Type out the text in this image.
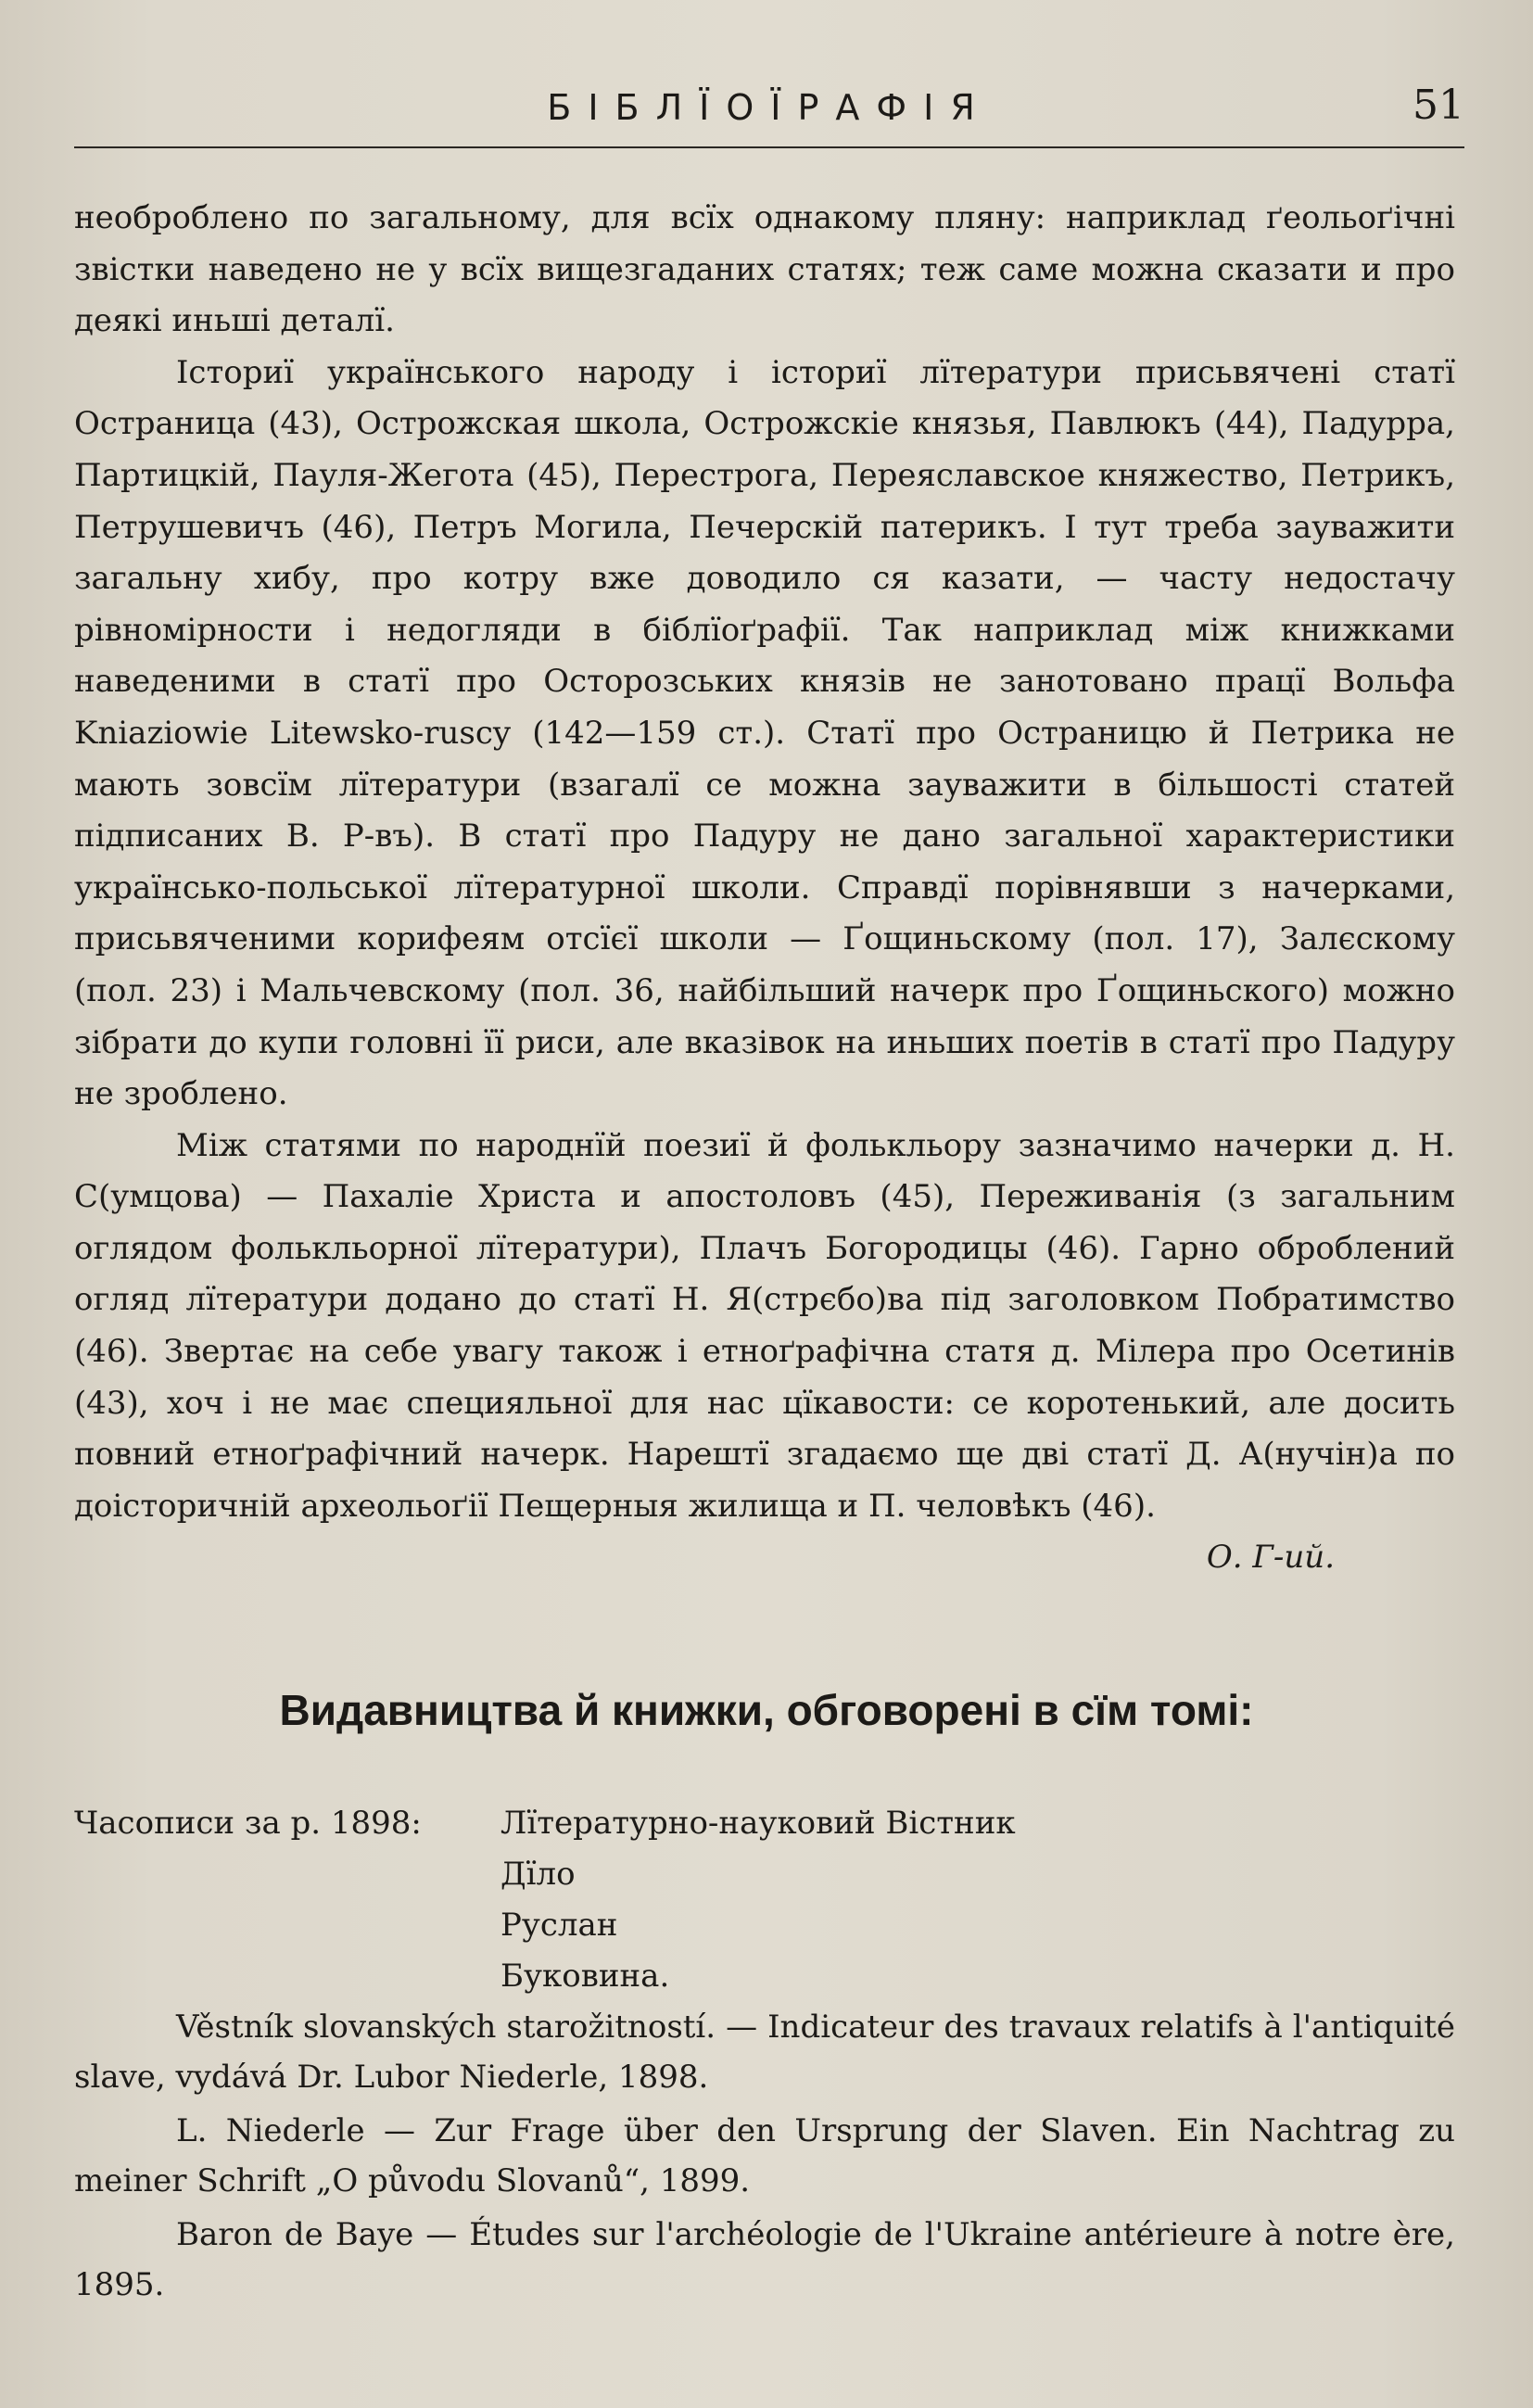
БІБЛЇОЇРАФІЯ	51

необроблено по загальному, для всїх однакому пляну: наприклад ґеольоґічні звістки наведено не у всїх вищезгаданих статях; теж саме можна сказати и про деякі иньші деталї.

Істориї українського народу і істориї лїтератури присьвячені статї Остраница (43), Острожская школа, Острожскіе князья, Павлюкъ (44), Падурра, Партицкій, Пауля-Жегота (45), Перестрога, Переяславское княжество, Петрикъ, Петрушевичъ (46), Петръ Могила, Печерскій патерикъ. І тут треба зауважити загальну хибу, про котру вже доводило ся казати, — часту недостачу рівномірности і недогляди в біблїоґрафії. Так наприклад між книжками наведеними в статї про Осторозських князів не занотовано працї Вольфа Kniaziowie Litewsko-ruscy (142—159 ст.). Статї про Остраницю й Петрика не мають зовсїм лїтератури (взагалї се можна зауважити в більшості статей підписаних В. Р-въ). В статї про Падуру не дано загальної характеристики українсько-польської лїтературної школи. Справдї порівнявши з начерками, присьвяченими корифеям отсїєї школи — Ґощиньскому (пол. 17), Залєскому (пол. 23) і Мальчевскому (пол. 36, найбільший начерк про Ґощиньского) можно зібрати до купи головні її риси, але вказівок на иньших поетів в статї про Падуру не зроблено.

Між статями по народнїй поезиї й фолькльору зазначимо начерки д. Н. С(умцова) — Пахаліе Христа и апостоловъ (45), Переживанія (з загальним оглядом фолькльорної лїтератури), Плачъ Богородицы (46). Гарно оброблений огляд лїтератури додано до статї Н. Я(стрєбо)ва під заголовком Побратимство (46). Звертає на себе увагу також і етноґрафічна статя д. Мілера про Осетинів (43), хоч і не має специяльної для нас цїкавости: се коротенький, але досить повний етноґрафічний начерк. Нарештї згадаємо ще дві статї Д. А(нучін)а по доісторичній археольоґії Пещерныя жилища и П. человѣкъ (46).
О. Г-ий.

Видавництва й книжки, обговорені в сїм томі:
Часописи за р. 1898:	Лїтературно-науковий Вістник
Дїло
Руслан
Буковина.

Věstník slovanských starožitností. — Indicateur des travaux relatifs à l'antiquité slave, vydává Dr. Lubor Niederle, 1898.

L. Niederle — Zur Frage über den Ursprung der Slaven. Ein Nachtrag zu meiner Schrift „O původu Slovanů“, 1899.

Baron de Baye — Études sur l'archéologie de l'Ukraine antérieure à notre ère, 1895.
